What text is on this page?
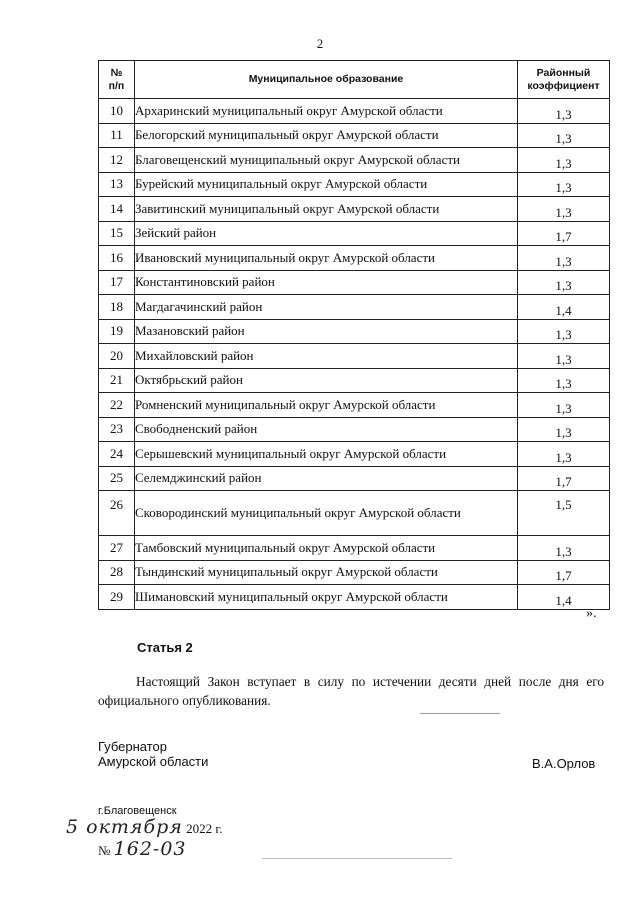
2
№ п/п	Муниципальное образование	Районный коэффициент
10	Архаринский муниципальный округ Амурской области	1,3
11	Белогорский муниципальный округ Амурской области	1,3
12	Благовещенский муниципальный округ Амурской области	1,3
13	Бурейский муниципальный округ Амурской области	1,3
14	Завитинский муниципальный округ Амурской области	1,3
15	Зейский район	1,7
16	Ивановский муниципальный округ Амурской области	1,3
17	Константиновский район	1,3
18	Магдагачинский район	1,4
19	Мазановский район	1,3
20	Михайловский район	1,3
21	Октябрьский район	1,3
22	Ромненский муниципальный округ Амурской области	1,3
23	Свободненский район	1,3
24	Серышевский муниципальный округ Амурской области	1,3
25	Селемджинский район	1,7
26	Сковородинский муниципальный округ Амурской области	1,5
27	Тамбовский муниципальный округ Амурской области	1,3
28	Тындинский муниципальный округ Амурской области	1,7
29	Шимановский муниципальный округ Амурской области	1,4
».
Статья 2
Настоящий Закон вступает в силу по истечении десяти дней после дня его официального опубликования.
Губернатор
Амурской области	В.А.Орлов
г.Благовещенск
5 октября 2022 г.
№ 162-03
